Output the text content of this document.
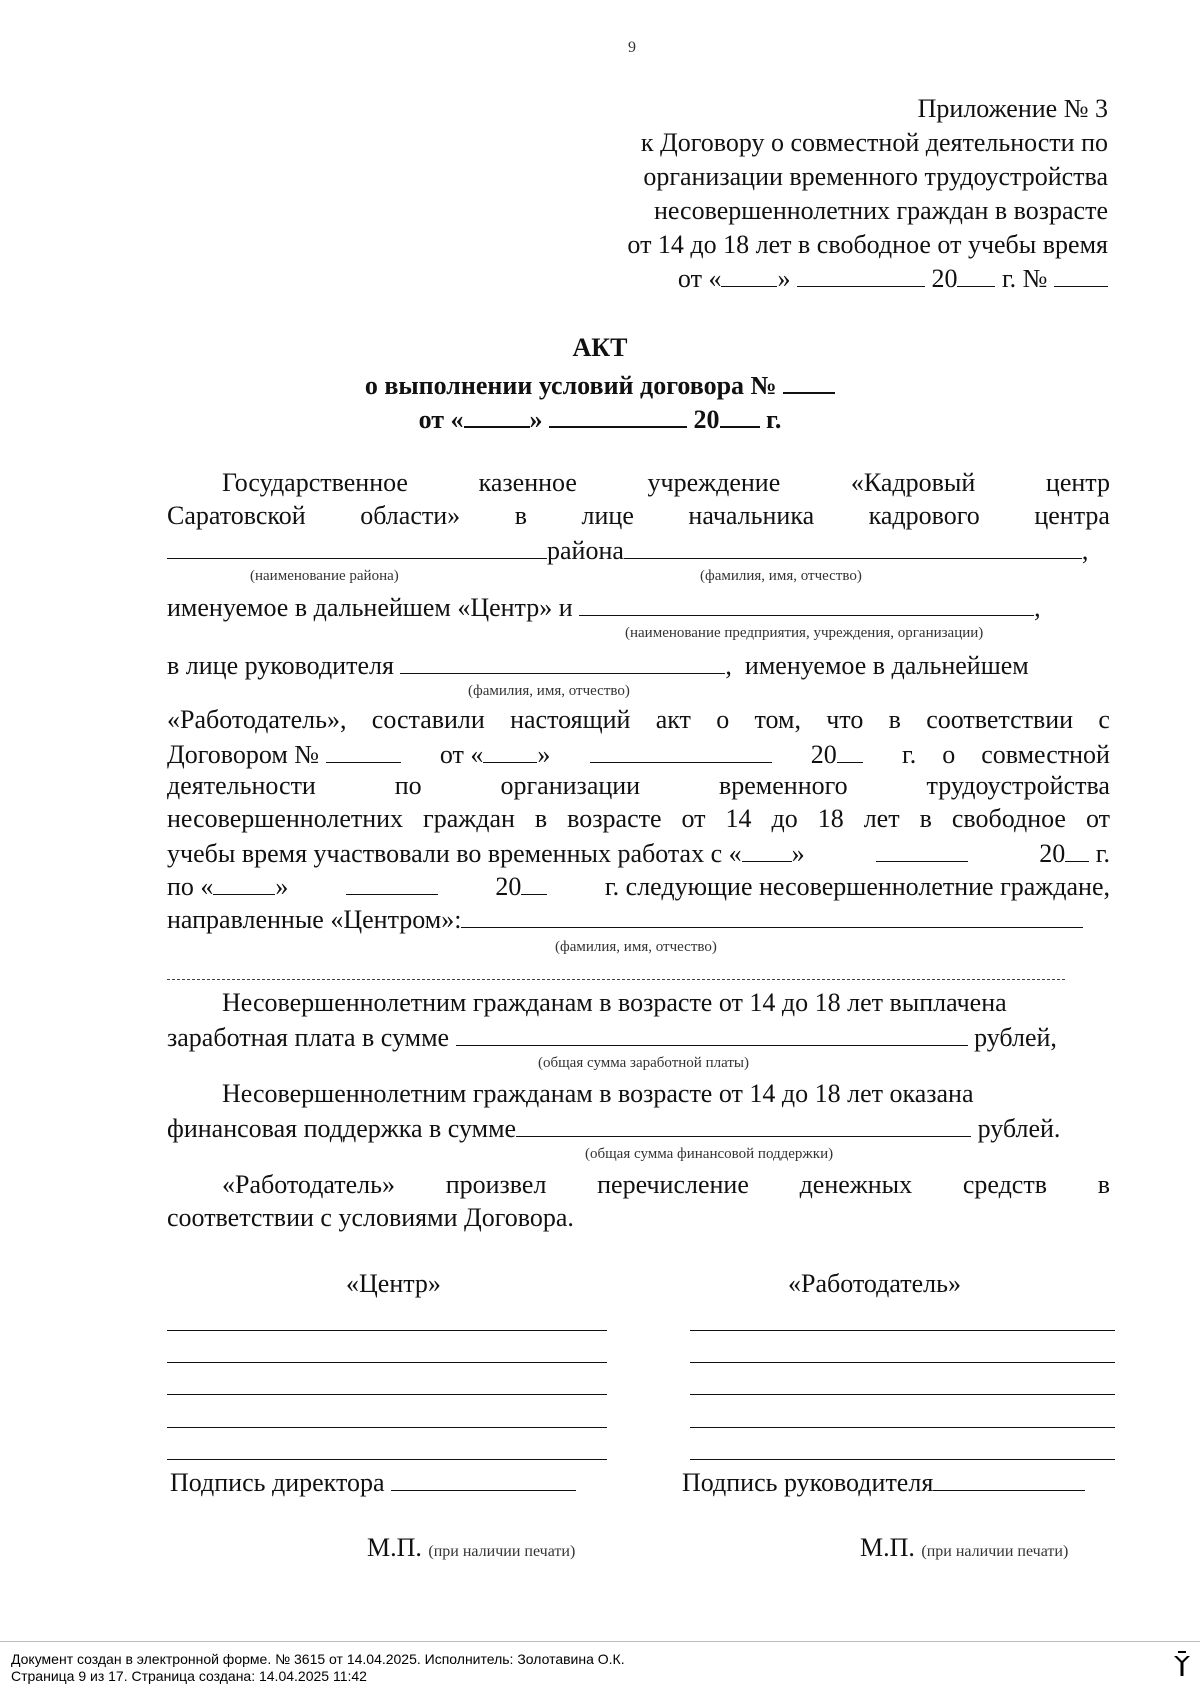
9
Приложение № 3
к Договору о совместной деятельности по
организации временного трудоустройства
несовершеннолетних граждан в возрасте
от 14 до 18 лет в свободное от учебы время
от « »	20 г. №
АКТ
о выполнении условий договора №
от «	»	20 г.
Государственное	казенное	учреждение	«Кадровый	центр
Саратовской области» в лице начальника кадрового центра
района	,
(наименование района)	(фамилия, имя, отчество)
именуемое в дальнейшем «Центр» и	,
(наименование предприятия, учреждения, организации)
в лице руководителя	,  именуемое в дальнейшем
(фамилия, имя, отчество)
«Работодатель», составили настоящий акт о том, что в соответствии с
Договором №	от « »	20	г. о совместной
деятельности	по	организации	временного	трудоустройства
несовершеннолетних граждан в возрасте от 14 до 18 лет в свободное от
учебы время участвовали во временных работах с « »	20 г.
по « »	20	г. следующие несовершеннолетние граждане,
направленные «Центром»:
(фамилия, имя, отчество)
Несовершеннолетним гражданам в возрасте от 14 до 18 лет выплачена
заработная плата в сумме	рублей,
(общая сумма заработной платы)
Несовершеннолетним гражданам в возрасте от 14 до 18 лет оказана
финансовая поддержка в сумме	рублей.
(общая сумма финансовой поддержки)
«Работодатель» произвел перечисление денежных средств в
соответствии с условиями Договора.
«Центр»	«Работодатель»
Подпись директора	Подпись руководителя
М.П. (при наличии печати)	М.П. (при наличии печати)
Документ создан в электронной форме. № 3615 от 14.04.2025. Исполнитель: Золотавина О.К.
Страница 9 из 17. Страница создана: 14.04.2025 11:42
